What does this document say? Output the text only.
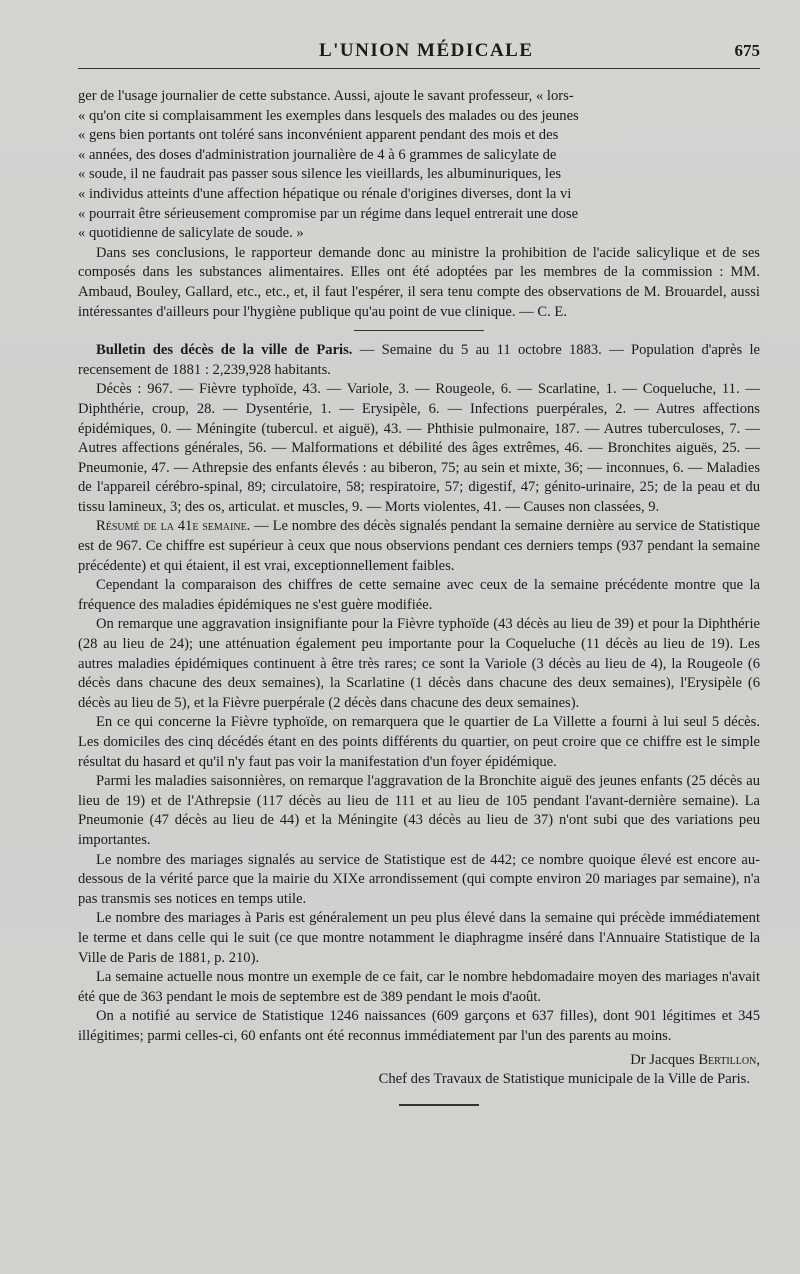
L'UNION MÉDICALE	675

ger de l'usage journalier de cette substance. Aussi, ajoute le savant professeur, « lors-

« qu'on cite si complaisamment les exemples dans lesquels des malades ou des jeunes

« gens bien portants ont toléré sans inconvénient apparent pendant des mois et des

« années, des doses d'administration journalière de 4 à 6 grammes de salicylate de

« soude, il ne faudrait pas passer sous silence les vieillards, les albuminuriques, les

« individus atteints d'une affection hépatique ou rénale d'origines diverses, dont la vi

« pourrait être sérieusement compromise par un régime dans lequel entrerait une dose

« quotidienne de salicylate de soude. »

Dans ses conclusions, le rapporteur demande donc au ministre la prohibition de l'acide salicylique et de ses composés dans les substances alimentaires. Elles ont été adoptées par les membres de la commission : MM. Ambaud, Bouley, Gallard, etc., etc., et, il faut l'espérer, il sera tenu compte des observations de M. Brouardel, aussi intéressantes d'ailleurs pour l'hygiène publique qu'au point de vue clinique. — C. E.

Bulletin des décès de la ville de Paris. — Semaine du 5 au 11 octobre 1883. — Population d'après le recensement de 1881 : 2,239,928 habitants.

Décès : 967. — Fièvre typhoïde, 43. — Variole, 3. — Rougeole, 6. — Scarlatine, 1. — Coqueluche, 11. — Diphthérie, croup, 28. — Dysentérie, 1. — Erysipèle, 6. — Infections puerpérales, 2. — Autres affections épidémiques, 0. — Méningite (tubercul. et aiguë), 43. — Phthisie pulmonaire, 187. — Autres tuberculoses, 7. — Autres affections générales, 56. — Malformations et débilité des âges extrêmes, 46. — Bronchites aiguës, 25. — Pneumonie, 47. — Athrepsie des enfants élevés : au biberon, 75; au sein et mixte, 36; — inconnues, 6. — Maladies de l'appareil cérébro-spinal, 89; circulatoire, 58; respiratoire, 57; digestif, 47; génito-urinaire, 25; de la peau et du tissu lamineux, 3; des os, articulat. et muscles, 9. — Morts violentes, 41. — Causes non classées, 9.

Résumé de la 41e semaine. — Le nombre des décès signalés pendant la semaine dernière au service de Statistique est de 967. Ce chiffre est supérieur à ceux que nous observions pendant ces derniers temps (937 pendant la semaine précédente) et qui étaient, il est vrai, exceptionnellement faibles.

Cependant la comparaison des chiffres de cette semaine avec ceux de la semaine précédente montre que la fréquence des maladies épidémiques ne s'est guère modifiée.

On remarque une aggravation insignifiante pour la Fièvre typhoïde (43 décès au lieu de 39) et pour la Diphthérie (28 au lieu de 24); une atténuation également peu importante pour la Coqueluche (11 décès au lieu de 19). Les autres maladies épidémiques continuent à être très rares; ce sont la Variole (3 décès au lieu de 4), la Rougeole (6 décès dans chacune des deux semaines), la Scarlatine (1 décès dans chacune des deux semaines), l'Erysipèle (6 décès au lieu de 5), et la Fièvre puerpérale (2 décès dans chacune des deux semaines).

En ce qui concerne la Fièvre typhoïde, on remarquera que le quartier de La Villette a fourni à lui seul 5 décès. Les domiciles des cinq décédés étant en des points différents du quartier, on peut croire que ce chiffre est le simple résultat du hasard et qu'il n'y faut pas voir la manifestation d'un foyer épidémique.

Parmi les maladies saisonnières, on remarque l'aggravation de la Bronchite aiguë des jeunes enfants (25 décès au lieu de 19) et de l'Athrepsie (117 décès au lieu de 111 et au lieu de 105 pendant l'avant-dernière semaine). La Pneumonie (47 décès au lieu de 44) et la Méningite (43 décès au lieu de 37) n'ont subi que des variations peu importantes.

Le nombre des mariages signalés au service de Statistique est de 442; ce nombre quoique élevé est encore au-dessous de la vérité parce que la mairie du XIXe arrondissement (qui compte environ 20 mariages par semaine), n'a pas transmis ses notices en temps utile.

Le nombre des mariages à Paris est généralement un peu plus élevé dans la semaine qui précède immédiatement le terme et dans celle qui le suit (ce que montre notamment le diaphragme inséré dans l'Annuaire Statistique de la Ville de Paris de 1881, p. 210).

La semaine actuelle nous montre un exemple de ce fait, car le nombre hebdomadaire moyen des mariages n'avait été que de 363 pendant le mois de septembre est de 389 pendant le mois d'août.

On a notifié au service de Statistique 1246 naissances (609 garçons et 637 filles), dont 901 légitimes et 345 illégitimes; parmi celles-ci, 60 enfants ont été reconnus immédiatement par l'un des parents au moins.

Dr Jacques Bertillon,
Chef des Travaux de Statistique municipale de la Ville de Paris.
